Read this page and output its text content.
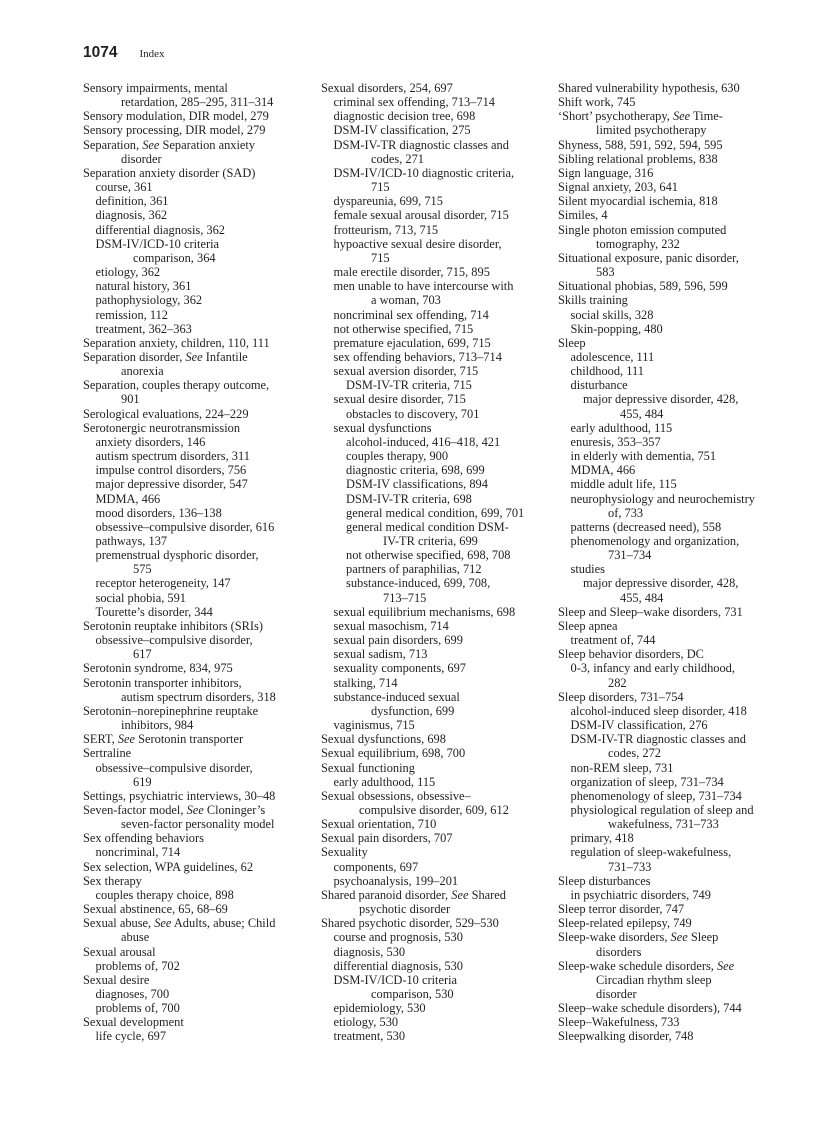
1074 Index
Sensory impairments, mental
retardation, 285–295, 311–314
Sensory modulation, DIR model, 279
Sensory processing, DIR model, 279
Separation, See Separation anxiety
disorder
Separation anxiety disorder (SAD)
course, 361
definition, 361
diagnosis, 362
differential diagnosis, 362
DSM-IV/ICD-10 criteria
comparison, 364
etiology, 362
natural history, 361
pathophysiology, 362
remission, 112
treatment, 362–363
Separation anxiety, children, 110, 111
Separation disorder, See Infantile
anorexia
Separation, couples therapy outcome,
901
Serological evaluations, 224–229
Serotonergic neurotransmission
anxiety disorders, 146
autism spectrum disorders, 311
impulse control disorders, 756
major depressive disorder, 547
MDMA, 466
mood disorders, 136–138
obsessive–compulsive disorder, 616
pathways, 137
premenstrual dysphoric disorder,
575
receptor heterogeneity, 147
social phobia, 591
Tourette’s disorder, 344
Serotonin reuptake inhibitors (SRIs)
obsessive–compulsive disorder,
617
Serotonin syndrome, 834, 975
Serotonin transporter inhibitors,
autism spectrum disorders, 318
Serotonin–norepinephrine reuptake
inhibitors, 984
SERT, See Serotonin transporter
Sertraline
obsessive–compulsive disorder,
619
Settings, psychiatric interviews, 30–48
Seven-factor model, See Cloninger’s
seven-factor personality model
Sex offending behaviors
noncriminal, 714
Sex selection, WPA guidelines, 62
Sex therapy
couples therapy choice, 898
Sexual abstinence, 65, 68–69
Sexual abuse, See Adults, abuse; Child
abuse
Sexual arousal
problems of, 702
Sexual desire
diagnoses, 700
problems of, 700
Sexual development
life cycle, 697
Sexual disorders, 254, 697
criminal sex offending, 713–714
diagnostic decision tree, 698
DSM-IV classification, 275
DSM-IV-TR diagnostic classes and
codes, 271
DSM-IV/ICD-10 diagnostic criteria,
715
dyspareunia, 699, 715
female sexual arousal disorder, 715
frotteurism, 713, 715
hypoactive sexual desire disorder,
715
male erectile disorder, 715, 895
men unable to have intercourse with
a woman, 703
noncriminal sex offending, 714
not otherwise specified, 715
premature ejaculation, 699, 715
sex offending behaviors, 713–714
sexual aversion disorder, 715
DSM-IV-TR criteria, 715
sexual desire disorder, 715
obstacles to discovery, 701
sexual dysfunctions
alcohol-induced, 416–418, 421
couples therapy, 900
diagnostic criteria, 698, 699
DSM-IV classifications, 894
DSM-IV-TR criteria, 698
general medical condition, 699, 701
general medical condition DSM-
IV-TR criteria, 699
not otherwise specified, 698, 708
partners of paraphilias, 712
substance-induced, 699, 708,
713–715
sexual equilibrium mechanisms, 698
sexual masochism, 714
sexual pain disorders, 699
sexual sadism, 713
sexuality components, 697
stalking, 714
substance-induced sexual
dysfunction, 699
vaginismus, 715
Sexual dysfunctions, 698
Sexual equilibrium, 698, 700
Sexual functioning
early adulthood, 115
Sexual obsessions, obsessive–
compulsive disorder, 609, 612
Sexual orientation, 710
Sexual pain disorders, 707
Sexuality
components, 697
psychoanalysis, 199–201
Shared paranoid disorder, See Shared
psychotic disorder
Shared psychotic disorder, 529–530
course and prognosis, 530
diagnosis, 530
differential diagnosis, 530
DSM-IV/ICD-10 criteria
comparison, 530
epidemiology, 530
etiology, 530
treatment, 530
Shared vulnerability hypothesis, 630
Shift work, 745
‘Short’ psychotherapy, See Time-
limited psychotherapy
Shyness, 588, 591, 592, 594, 595
Sibling relational problems, 838
Sign language, 316
Signal anxiety, 203, 641
Silent myocardial ischemia, 818
Similes, 4
Single photon emission computed
tomography, 232
Situational exposure, panic disorder,
583
Situational phobias, 589, 596, 599
Skills training
social skills, 328
Skin-popping, 480
Sleep
adolescence, 111
childhood, 111
disturbance
major depressive disorder, 428,
455, 484
early adulthood, 115
enuresis, 353–357
in elderly with dementia, 751
MDMA, 466
middle adult life, 115
neurophysiology and neurochemistry
of, 733
patterns (decreased need), 558
phenomenology and organization,
731–734
studies
major depressive disorder, 428,
455, 484
Sleep and Sleep–wake disorders, 731
Sleep apnea
treatment of, 744
Sleep behavior disorders, DC
0-3, infancy and early childhood,
282
Sleep disorders, 731–754
alcohol-induced sleep disorder, 418
DSM-IV classification, 276
DSM-IV-TR diagnostic classes and
codes, 272
non-REM sleep, 731
organization of sleep, 731–734
phenomenology of sleep, 731–734
physiological regulation of sleep and
wakefulness, 731–733
primary, 418
regulation of sleep-wakefulness,
731–733
Sleep disturbances
in psychiatric disorders, 749
Sleep terror disorder, 747
Sleep-related epilepsy, 749
Sleep-wake disorders, See Sleep
disorders
Sleep-wake schedule disorders, See
Circadian rhythm sleep
disorder
Sleep–wake schedule disorders), 744
Sleep–Wakefulness, 733
Sleepwalking disorder, 748
